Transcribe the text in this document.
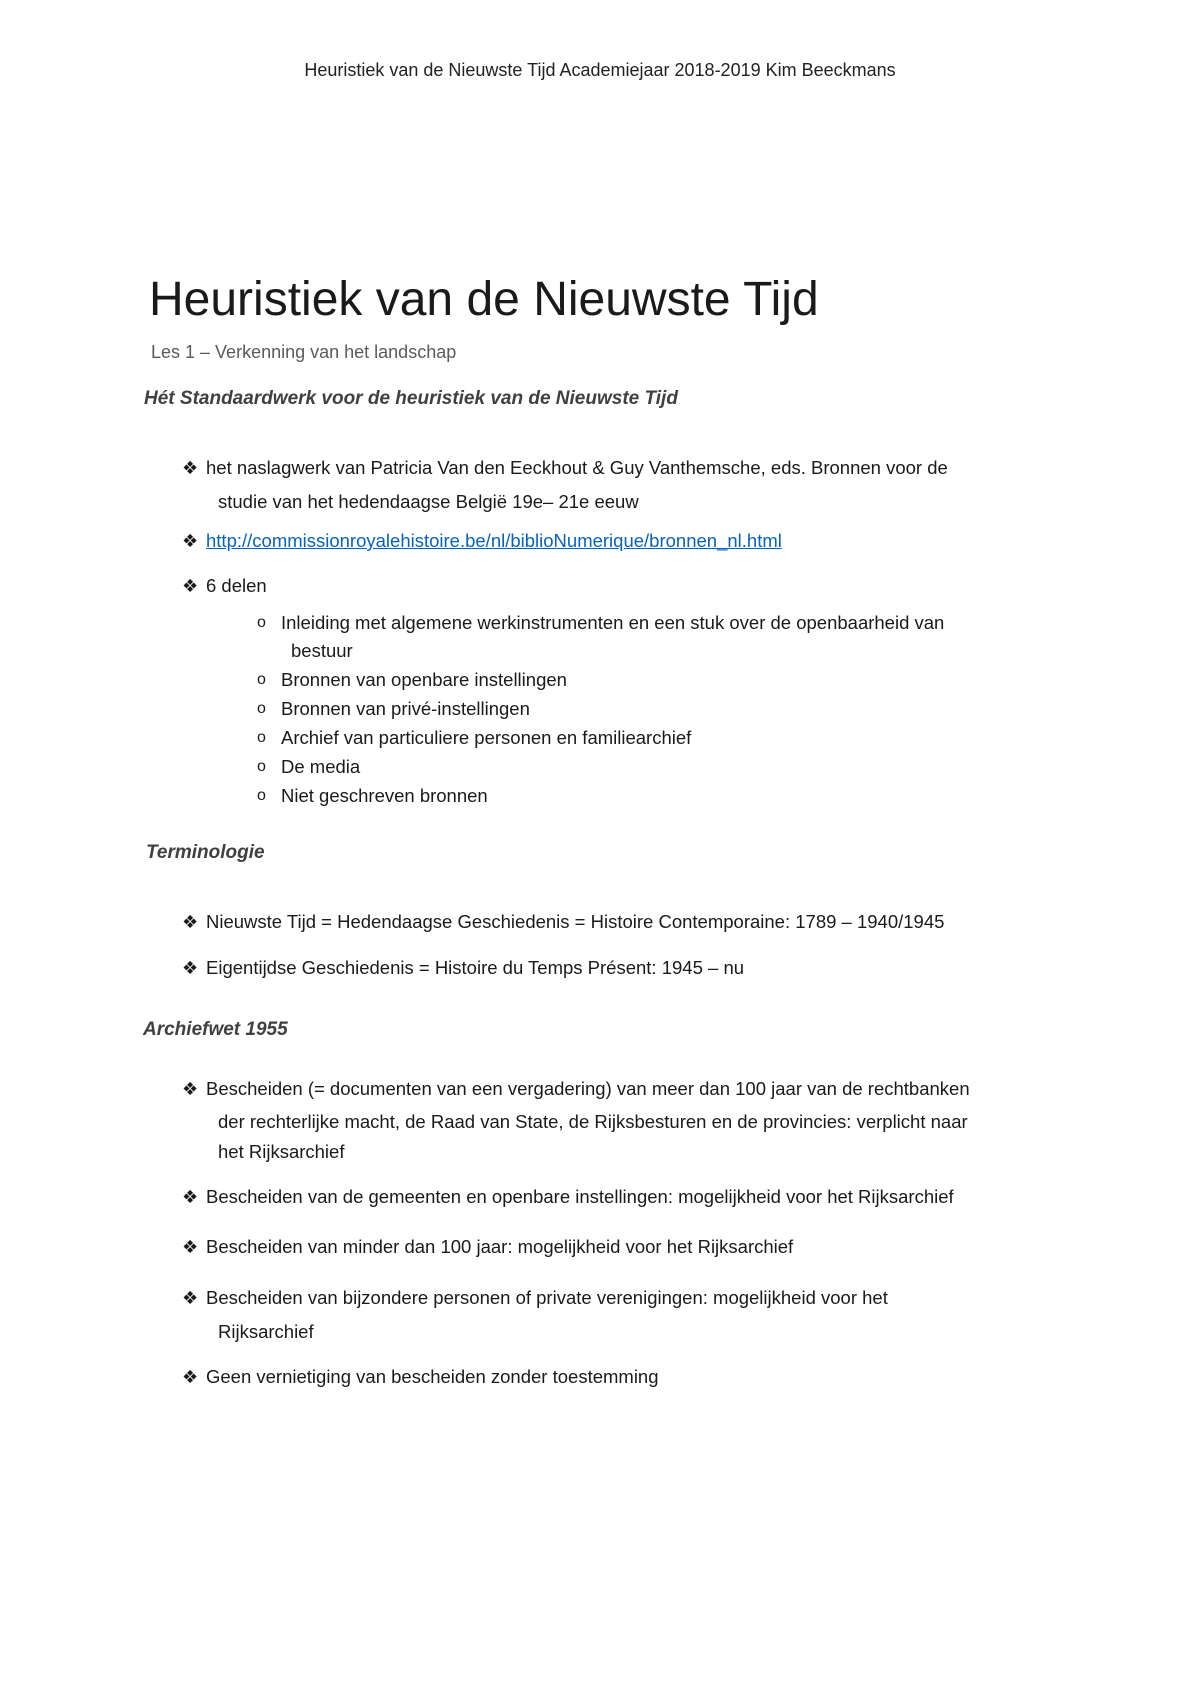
Heuristiek van de Nieuwste Tijd Academiejaar 2018-2019 Kim Beeckmans
Heuristiek van de Nieuwste Tijd
Les 1 – Verkenning van het landschap
Hét Standaardwerk voor de heuristiek van de Nieuwste Tijd
❖ het naslagwerk van Patricia Van den Eeckhout & Guy Vanthemsche, eds. Bronnen voor de
studie van het hedendaagse België 19e– 21e eeuw
❖ http://commissionroyalehistoire.be/nl/biblioNumerique/bronnen_nl.html
❖ 6 delen
o Inleiding met algemene werkinstrumenten en een stuk over de openbaarheid van
bestuur
o Bronnen van openbare instellingen
o Bronnen van privé-instellingen
o Archief van particuliere personen en familiearchief
o De media
o Niet geschreven bronnen
Terminologie
❖ Nieuwste Tijd = Hedendaagse Geschiedenis = Histoire Contemporaine: 1789 – 1940/1945
❖ Eigentijdse Geschiedenis = Histoire du Temps Présent: 1945 – nu
Archiefwet 1955
❖ Bescheiden (= documenten van een vergadering) van meer dan 100 jaar van de rechtbanken
der rechterlijke macht, de Raad van State, de Rijksbesturen en de provincies: verplicht naar
het Rijksarchief
❖ Bescheiden van de gemeenten en openbare instellingen: mogelijkheid voor het Rijksarchief
❖ Bescheiden van minder dan 100 jaar: mogelijkheid voor het Rijksarchief
❖ Bescheiden van bijzondere personen of private verenigingen: mogelijkheid voor het
Rijksarchief
❖ Geen vernietiging van bescheiden zonder toestemming
